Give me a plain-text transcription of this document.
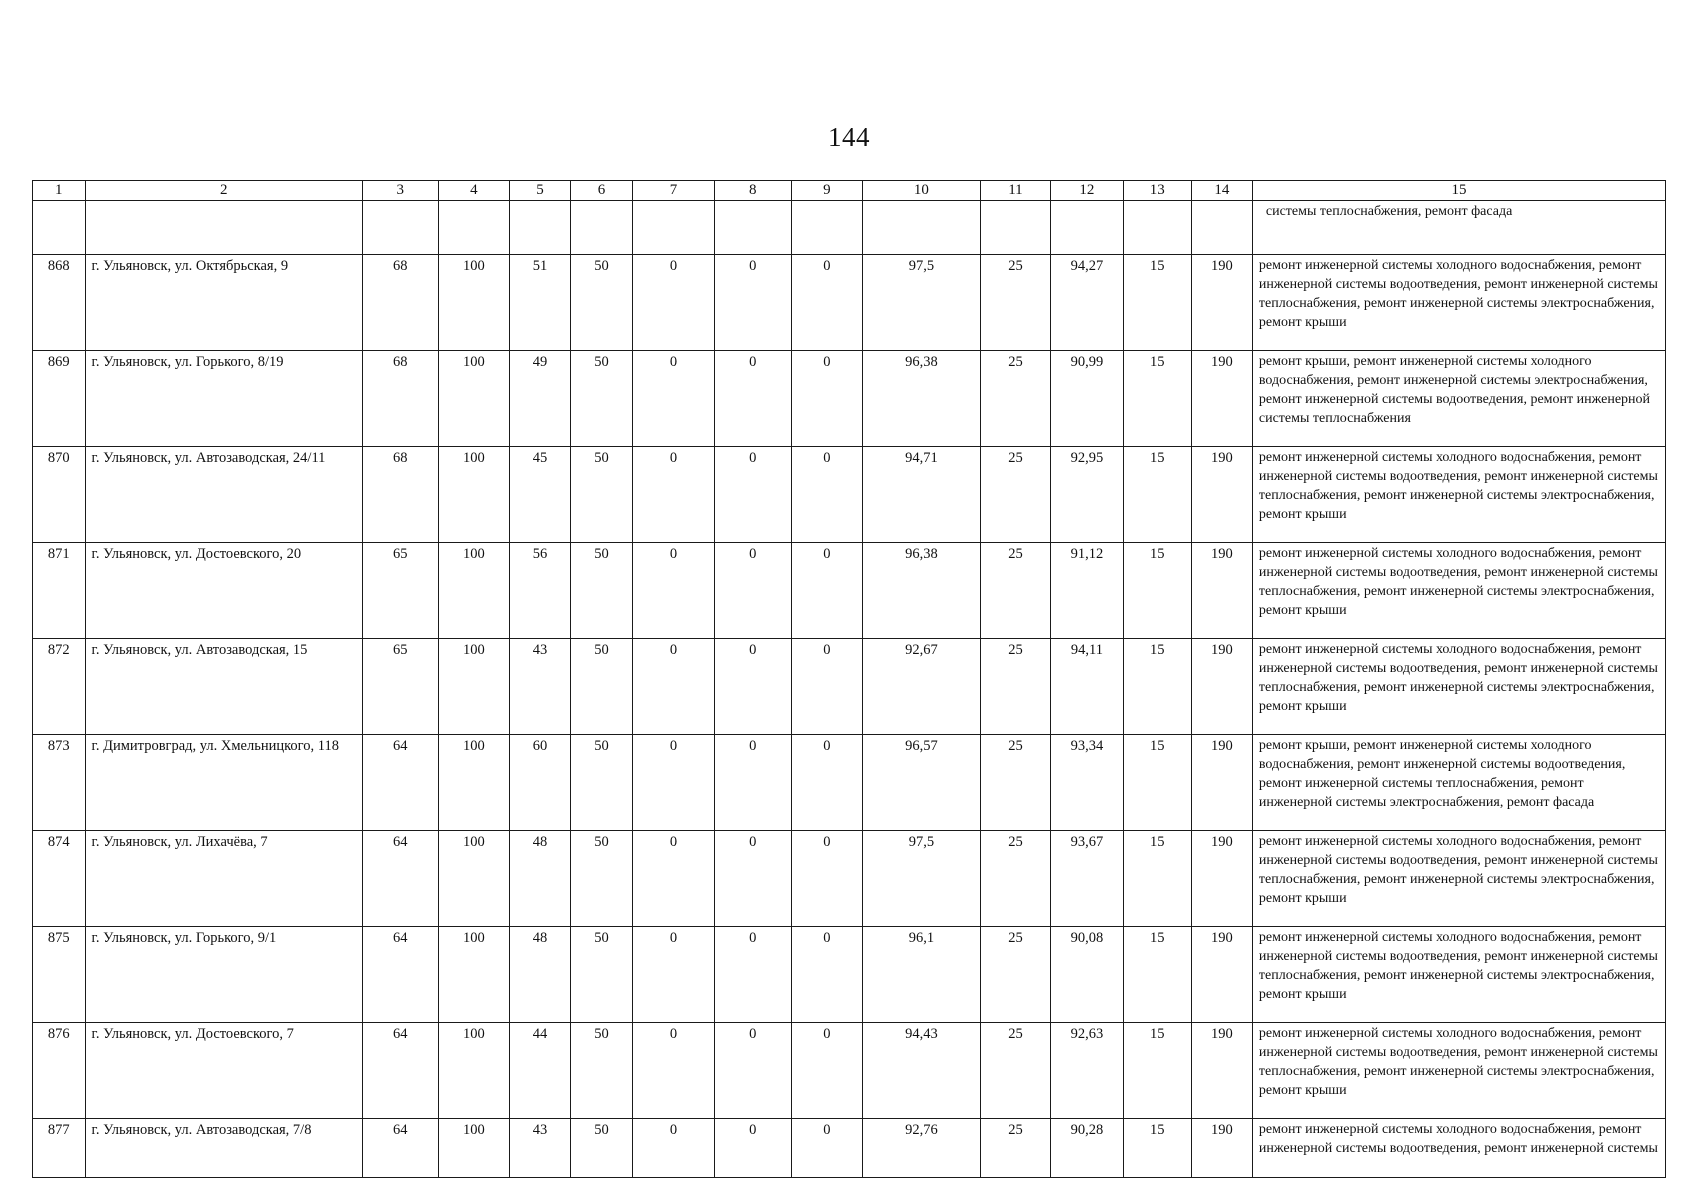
144
1	2	3	4	5	6	7	8	9	10	11	12	13	14	15
														системы теплоснабжения, ремонт фасада
868	г. Ульяновск, ул. Октябрьская, 9	68	100	51	50	0	0	0	97,5	25	94,27	15	190	ремонт инженерной системы холодного водоснабжения, ремонт инженерной системы водоотведения, ремонт инженерной системы теплоснабжения, ремонт инженерной системы электроснабжения, ремонт крыши
869	г. Ульяновск, ул. Горького, 8/19	68	100	49	50	0	0	0	96,38	25	90,99	15	190	ремонт крыши, ремонт инженерной системы холодного водоснабжения, ремонт инженерной системы электроснабжения, ремонт инженерной системы водоотведения, ремонт инженерной системы теплоснабжения
870	г. Ульяновск, ул. Автозаводская, 24/11	68	100	45	50	0	0	0	94,71	25	92,95	15	190	ремонт инженерной системы холодного водоснабжения, ремонт инженерной системы водоотведения, ремонт инженерной системы теплоснабжения, ремонт инженерной системы электроснабжения, ремонт крыши
871	г. Ульяновск, ул. Достоевского, 20	65	100	56	50	0	0	0	96,38	25	91,12	15	190	ремонт инженерной системы холодного водоснабжения, ремонт инженерной системы водоотведения, ремонт инженерной системы теплоснабжения, ремонт инженерной системы электроснабжения, ремонт крыши
872	г. Ульяновск, ул. Автозаводская, 15	65	100	43	50	0	0	0	92,67	25	94,11	15	190	ремонт инженерной системы холодного водоснабжения, ремонт инженерной системы водоотведения, ремонт инженерной системы теплоснабжения, ремонт инженерной системы электроснабжения, ремонт крыши
873	г. Димитровград, ул. Хмельницкого, 118	64	100	60	50	0	0	0	96,57	25	93,34	15	190	ремонт крыши, ремонт инженерной системы холодного водоснабжения, ремонт инженерной системы водоотведения, ремонт инженерной системы теплоснабжения, ремонт инженерной системы электроснабжения, ремонт фасада
874	г. Ульяновск, ул. Лихачёва, 7	64	100	48	50	0	0	0	97,5	25	93,67	15	190	ремонт инженерной системы холодного водоснабжения, ремонт инженерной системы водоотведения, ремонт инженерной системы теплоснабжения, ремонт инженерной системы электроснабжения, ремонт крыши
875	г. Ульяновск, ул. Горького, 9/1	64	100	48	50	0	0	0	96,1	25	90,08	15	190	ремонт инженерной системы холодного водоснабжения, ремонт инженерной системы водоотведения, ремонт инженерной системы теплоснабжения, ремонт инженерной системы электроснабжения, ремонт крыши
876	г. Ульяновск, ул. Достоевского, 7	64	100	44	50	0	0	0	94,43	25	92,63	15	190	ремонт инженерной системы холодного водоснабжения, ремонт инженерной системы водоотведения, ремонт инженерной системы теплоснабжения, ремонт инженерной системы электроснабжения, ремонт крыши
877	г. Ульяновск, ул. Автозаводская, 7/8	64	100	43	50	0	0	0	92,76	25	90,28	15	190	ремонт инженерной системы холодного водоснабжения, ремонт инженерной системы водоотведения, ремонт инженерной системы
